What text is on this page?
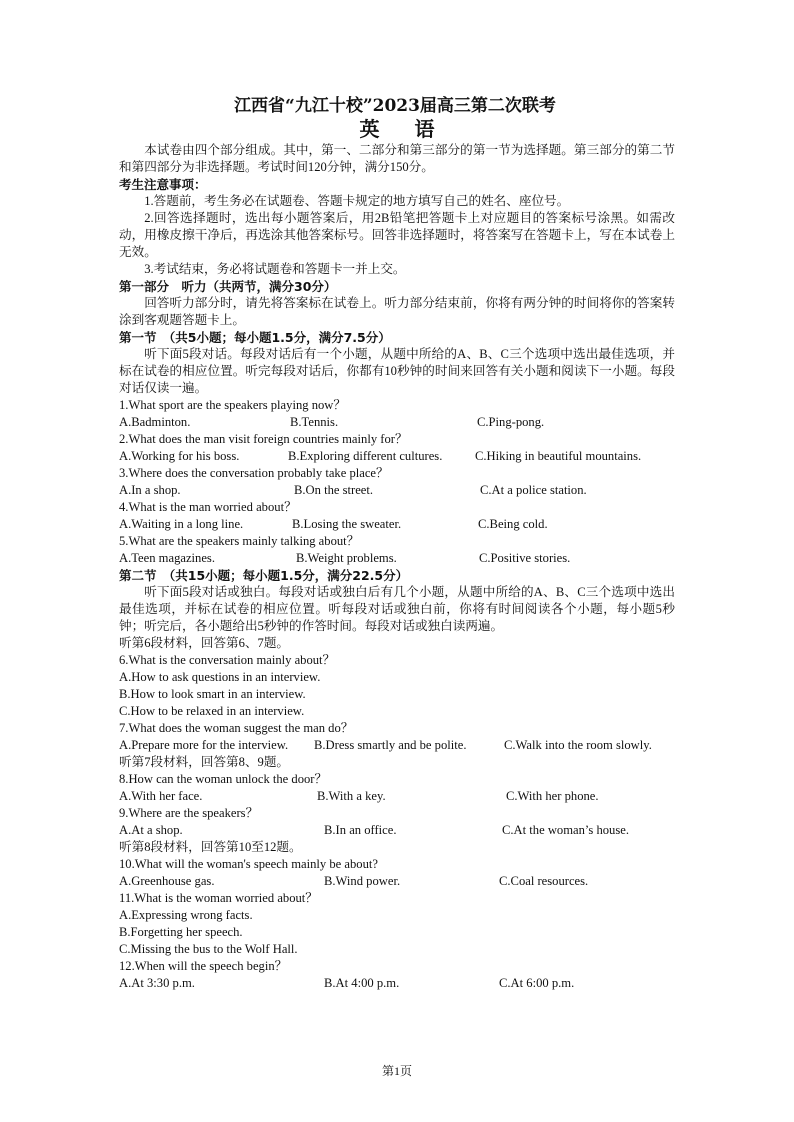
江西省“九江十校”2023届高三第二次联考
英 语
本试卷由四个部分组成。其中，第一、二部分和第三部分的第一节为选择题。第三部分的第二节和第四部分为非选择题。考试时间120分钟，满分150分。
考生注意事项：
1.答题前，考生务必在试题卷、答题卡规定的地方填写自己的姓名、座位号。
2.回答选择题时，选出每小题答案后，用2B铅笔把答题卡上对应题目的答案标号涂黑。如需改动，用橡皮擦干净后，再选涂其他答案标号。回答非选择题时，将答案写在答题卡上，写在本试卷上无效。
3.考试结束，务必将试题卷和答题卡一并上交。
第一部分　听力（共两节，满分30分）
回答听力部分时，请先将答案标在试卷上。听力部分结束前，你将有两分钟的时间将你的答案转涂到客观题答题卡上。
第一节　（共5小题；每小题1.5分，满分7.5分）
听下面5段对话。每段对话后有一个小题，从题中所给的A、B、C三个选项中选出最佳选项，并标在试卷的相应位置。听完每段对话后，你都有10秒钟的时间来回答有关小题和阅读下一小题。每段对话仅读一遍。
1.What sport are the speakers playing now？
A.Badminton.	B.Tennis.	C.Ping-pong.
2.What does the man visit foreign countries mainly for？
A.Working for his boss.	B.Exploring different cultures.	C.Hiking in beautiful mountains.
3.Where does the conversation probably take place？
A.In a shop.	B.On the street.	C.At a police station.
4.What is the man worried about？
A.Waiting in a long line.	B.Losing the sweater.	C.Being cold.
5.What are the speakers mainly talking about？
A.Teen magazines.	B.Weight problems.	C.Positive stories.
第二节　（共15小题；每小题1.5分，满分22.5分）
听下面5段对话或独白。每段对话或独白后有几个小题，从题中所给的A、B、C三个选项中选出最佳选项，并标在试卷的相应位置。听每段对话或独白前，你将有时间阅读各个小题，每小题5秒钟；听完后，各小题给出5秒钟的作答时间。每段对话或独白读两遍。
听第6段材料，回答第6、7题。
6.What is the conversation mainly about？
A.How to ask questions in an interview.
B.How to look smart in an interview.
C.How to be relaxed in an interview.
7.What does the woman suggest the man do？
A.Prepare more for the interview.	B.Dress smartly and be polite.	C.Walk into the room slowly.
听第7段材料，回答第8、9题。
8.How can the woman unlock the door？
A.With her face.	B.With a key.	C.With her phone.
9.Where are the speakers？
A.At a shop.	B.In an office.	C.At the woman’s house.
听第8段材料，回答第10至12题。
10.What will the woman's speech mainly be about?
A.Greenhouse gas.	B.Wind power.	C.Coal resources.
11.What is the woman worried about？
A.Expressing wrong facts.
B.Forgetting her speech.
C.Missing the bus to the Wolf Hall.
12.When will the speech begin？
A.At 3:30 p.m.	B.At 4:00 p.m.	C.At 6:00 p.m.
第1页
